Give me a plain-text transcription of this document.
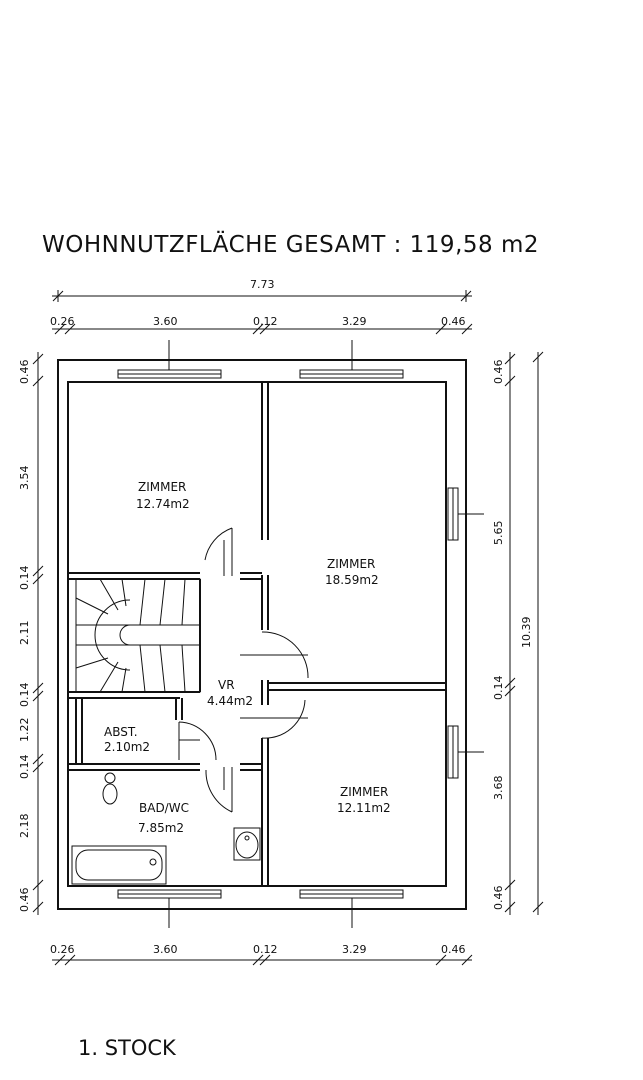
WOHNNUTZFLÄCHE GESAMT : 119,58 m2
7.73
0.26	3.60	0.12	3.29	0.46
0.26	3.60	0.12	3.29	0.46
0.46
3.54
0.14
2.11
0.14
1.22
0.14
2.18
0.46
0.46
5.65
0.14
3.68
0.46
10.39
ZIMMER
12.74m2
ZIMMER
18.59m2
VR
4.44m2
ABST.
2.10m2
BAD/WC
7.85m2
ZIMMER
12.11m2
1. STOCK
